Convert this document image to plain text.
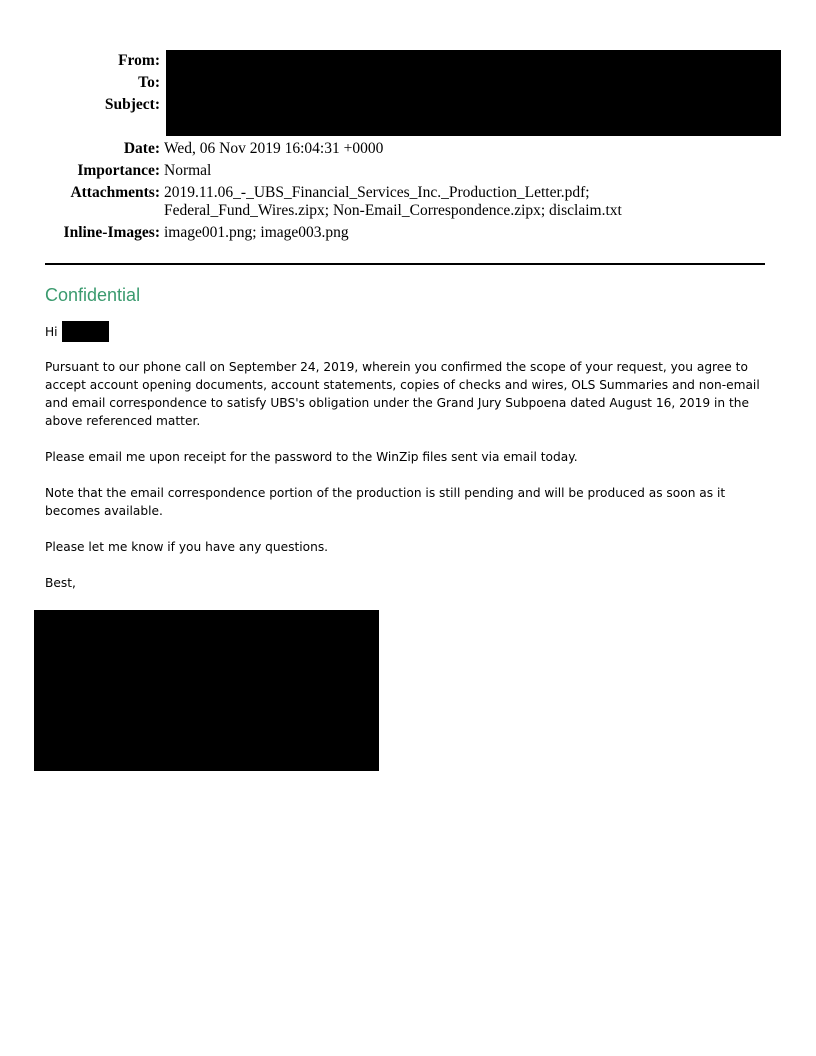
From:
To:
Subject:
Date: Wed, 06 Nov 2019 16:04:31 +0000
Importance: Normal
Attachments: 2019.11.06_-_UBS_Financial_Services_Inc._Production_Letter.pdf;
Federal_Fund_Wires.zipx; Non-Email_Correspondence.zipx; disclaim.txt
Inline-Images: image001.png; image003.png
Confidential
Hi
Pursuant to our phone call on September 24, 2019, wherein you confirmed the scope of your request, you agree to accept account opening documents, account statements, copies of checks and wires, OLS Summaries and non-email and email correspondence to satisfy UBS's obligation under the Grand Jury Subpoena dated August 16, 2019 in the above referenced matter.
Please email me upon receipt for the password to the WinZip files sent via email today.
Note that the email correspondence portion of the production is still pending and will be produced as soon as it becomes available.
Please let me know if you have any questions.
Best,
